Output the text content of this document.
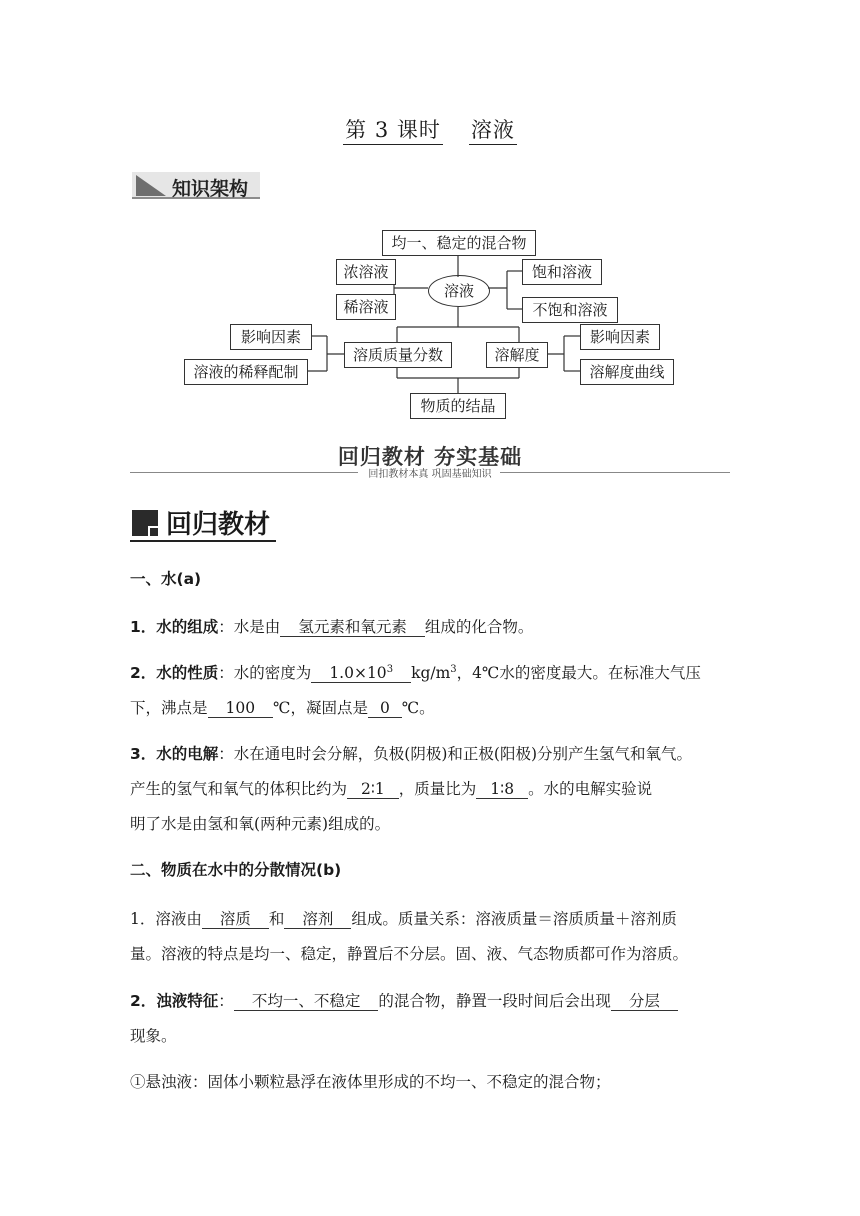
第 3 课时 溶液
知识架构
均一、稳定的混合物
溶液
浓溶液
稀溶液
饱和溶液
不饱和溶液
溶质质量分数	溶解度
影响因素
溶液的稀释配制
影响因素
溶解度曲线
物质的结晶
回归教材 夯实基础
回扣教材本真 巩固基础知识
回归教材
一、水(a)
1．水的组成：水是由 氢元素和氧元素 组成的化合物。
2．水的性质：水的密度为 $1.0\times 10^3$ $kg/m^3$，4℃水的密度最大。在标准大气压
下，沸点是 100 ℃，凝固点是 0 ℃。
3．水的电解：水在通电时会分解，负极(阴极)和正极(阳极)分别产生氢气和氧气。
产生的氢气和氧气的体积比约为 2∶1 ，质量比为 1∶8 。水的电解实验说
明了水是由氢和氧(两种元素)组成的。
二、物质在水中的分散情况(b)
1．溶液由 溶质 和 溶剂 组成。质量关系：溶液质量＝溶质质量＋溶剂质
量。溶液的特点是均一、稳定，静置后不分层。固、液、气态物质都可作为溶质。
2．浊液特征： 不均一、不稳定 的混合物，静置一段时间后会出现 分层
现象。
①悬浊液：固体小颗粒悬浮在液体里形成的不均一、不稳定的混合物；
